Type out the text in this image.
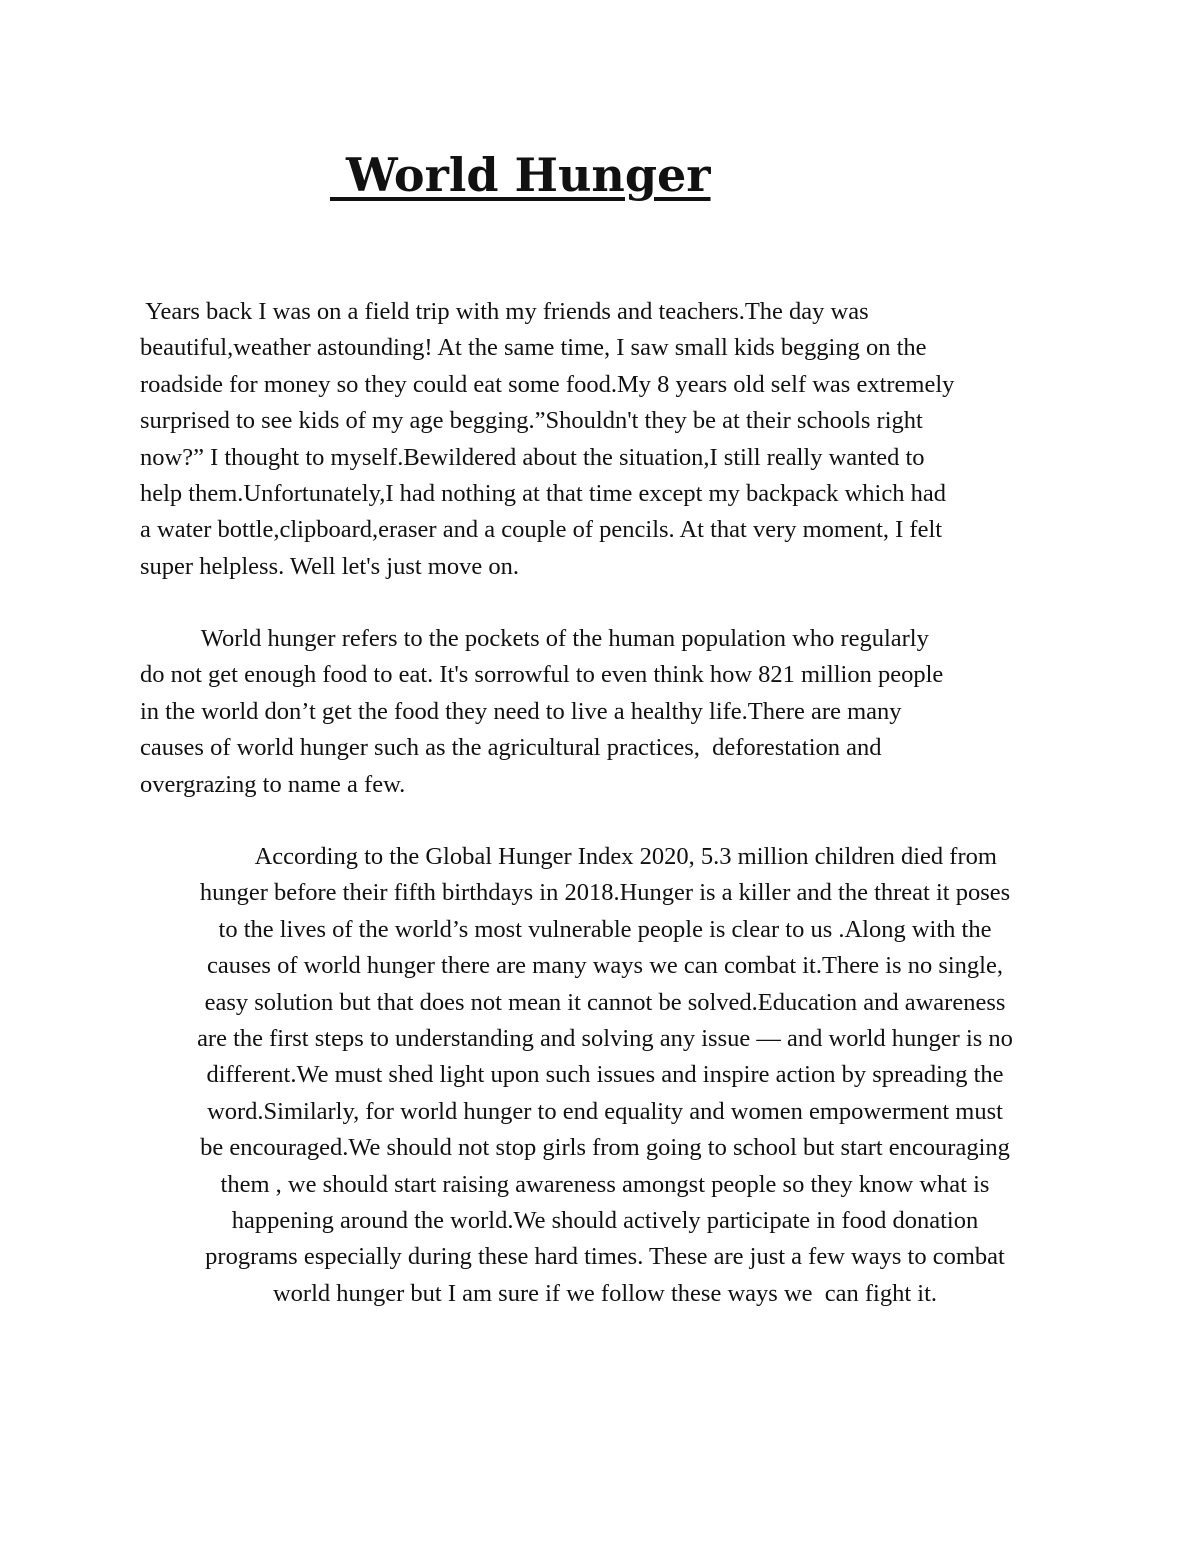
World Hunger
Years back I was on a field trip with my friends and teachers.The day was
beautiful,weather astounding! At the same time, I saw small kids begging on the
roadside for money so they could eat some food.My 8 years old self was extremely
surprised to see kids of my age begging.”Shouldn't they be at their schools right
now?” I thought to myself.Bewildered about the situation,I still really wanted to
help them.Unfortunately,I had nothing at that time except my backpack which had
a water bottle,clipboard,eraser and a couple of pencils. At that very moment, I felt
super helpless. Well let's just move on.
World hunger refers to the pockets of the human population who regularly
do not get enough food to eat. It's sorrowful to even think how 821 million people
in the world don’t get the food they need to live a healthy life.There are many
causes of world hunger such as the agricultural practices,  deforestation and
overgrazing to name a few.
According to the Global Hunger Index 2020, 5.3 million children died from
hunger before their fifth birthdays in 2018.Hunger is a killer and the threat it poses
to the lives of the world’s most vulnerable people is clear to us .Along with the
causes of world hunger there are many ways we can combat it.There is no single,
easy solution but that does not mean it cannot be solved.Education and awareness
are the first steps to understanding and solving any issue — and world hunger is no
different.We must shed light upon such issues and inspire action by spreading the
word.Similarly, for world hunger to end equality and women empowerment must
be encouraged.We should not stop girls from going to school but start encouraging
them , we should start raising awareness amongst people so they know what is
happening around the world.We should actively participate in food donation
programs especially during these hard times. These are just a few ways to combat
world hunger but I am sure if we follow these ways we  can fight it.
